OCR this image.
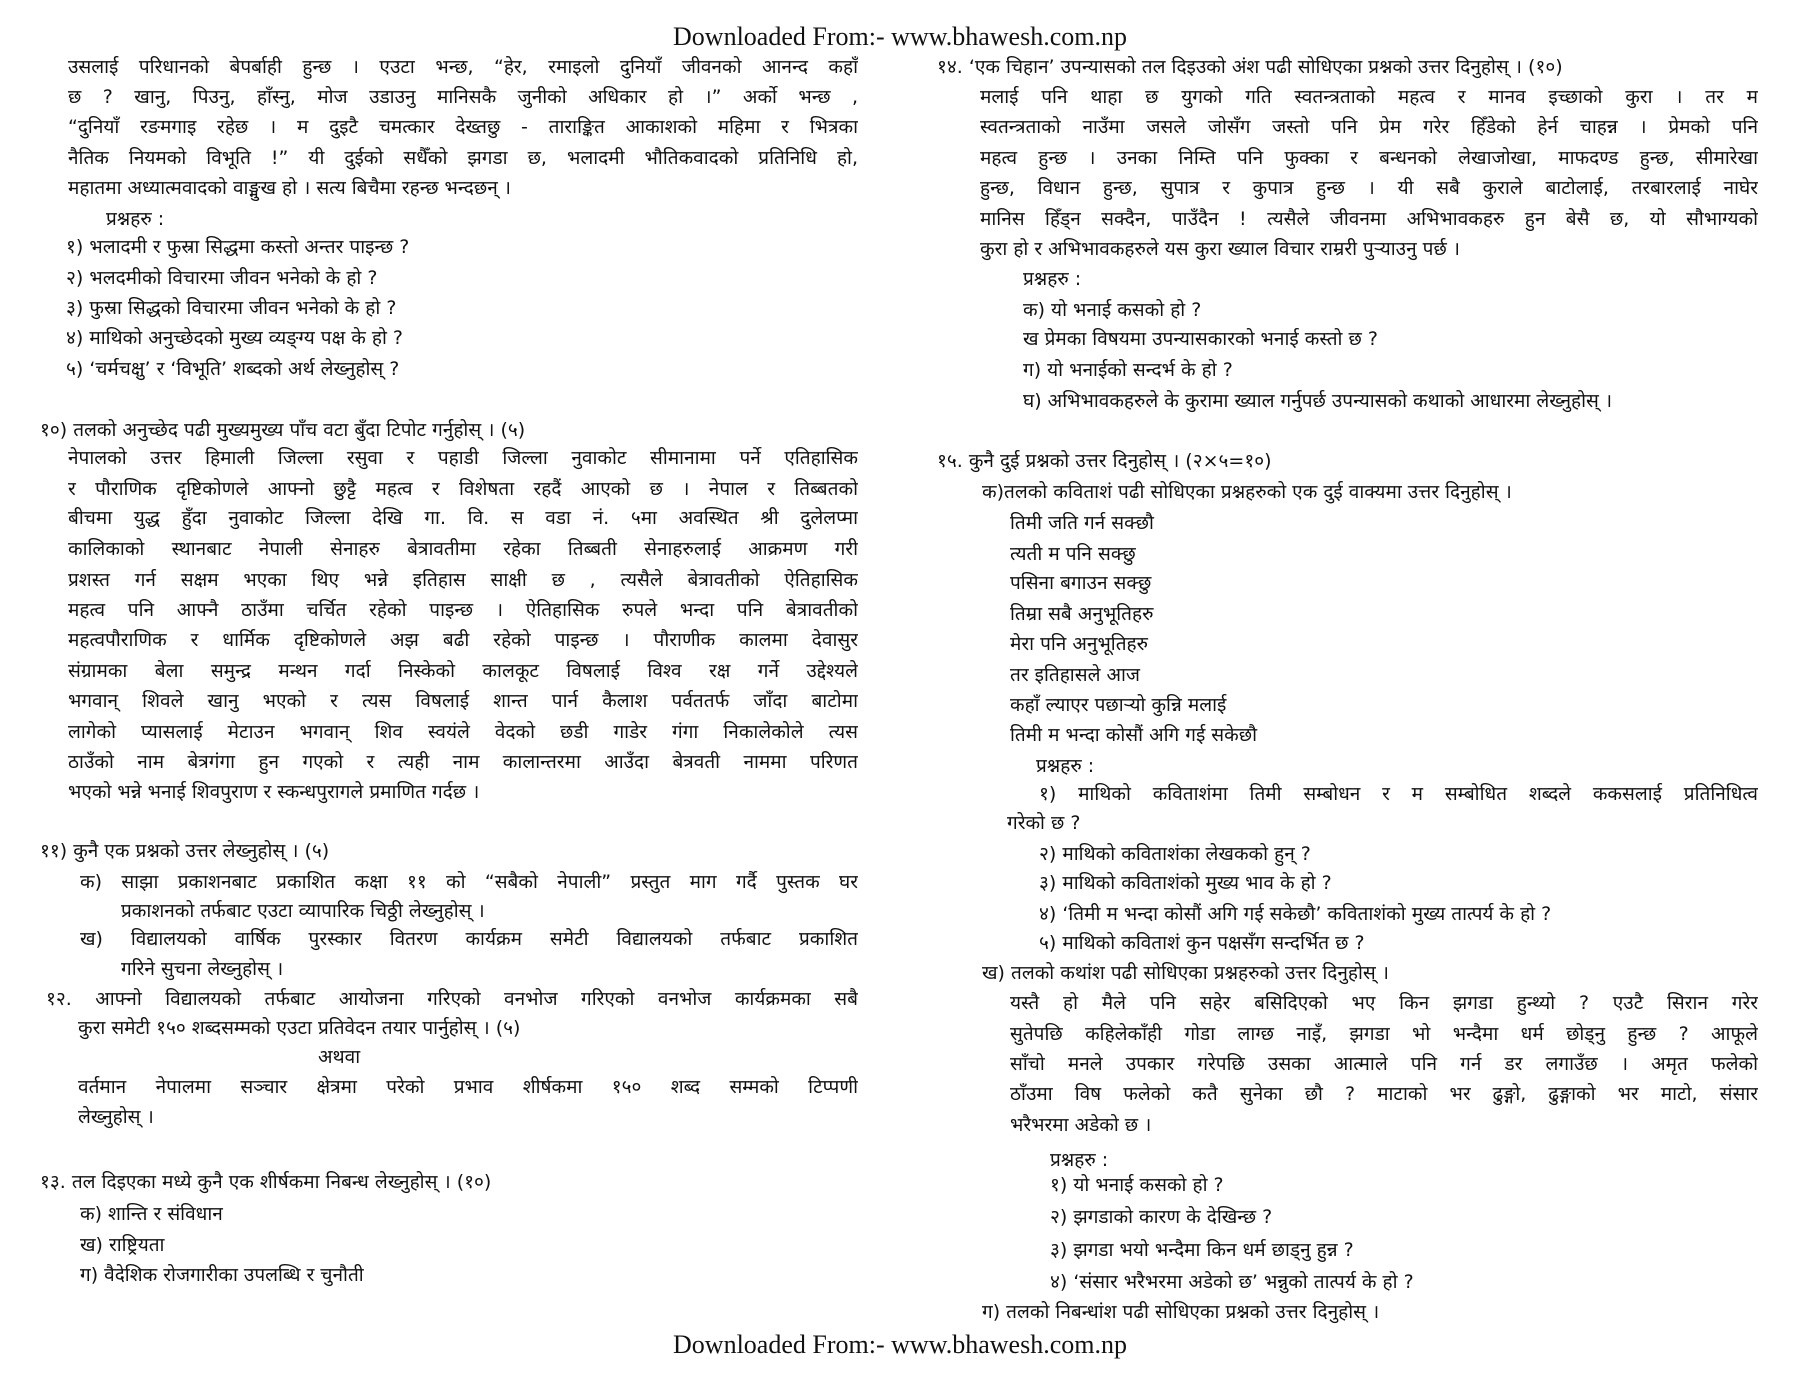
Downloaded From:- www.bhawesh.com.np
Downloaded From:- www.bhawesh.com.np
उसलाई परिधानको बेपर्बाही हुन्छ । एउटा भन्छ, “हेर, रमाइलो दुनियाँ जीवनको आनन्द कहाँ
छ ? खानु, पिउनु, हाँस्नु, मोज उडाउनु मानिसकै जुनीको अधिकार हो ।” अर्को भन्छ ,
“दुनियाँ रङमगाइ रहेछ । म दुइटै चमत्कार देख्तछु - ताराङ्कित आकाशको महिमा र भित्रका
नैतिक नियमको विभूति !” यी दुईको सधैँको झगडा छ, भलादमी भौतिकवादको प्रतिनिधि हो,
महातमा अध्यात्मवादको वाङ्मुख हो । सत्य बिचैमा रहन्छ भन्दछन् ।
प्रश्नहरु :
१) भलादमी र फुस्रा सिद्धमा कस्तो अन्तर पाइन्छ ?
२) भलदमीको विचारमा जीवन भनेको के हो ?
३) फुस्रा सिद्धको विचारमा जीवन भनेको के हो ?
४) माथिको अनुच्छेदको मुख्य व्यङ्ग्य पक्ष के हो ?
५) ‘चर्मचक्षु’ र ‘विभूति’ शब्दको अर्थ लेख्नुहोस् ?
१०) तलको अनुच्छेद पढी मुख्यमुख्य पाँच वटा बुँदा टिपोट गर्नुहोस् । (५)
नेपालको उत्तर हिमाली जिल्ला रसुवा र पहाडी जिल्ला नुवाकोट सीमानामा पर्ने एतिहासिक
र पौराणिक दृष्टिकोणले आफ्नो छुट्टै महत्व र विशेषता रहदैं आएको छ । नेपाल र तिब्बतको
बीचमा युद्ध हुँदा नुवाकोट जिल्ला देखि गा. वि. स वडा नं. ५मा अवस्थित श्री दुलेलप्मा
कालिकाको स्थानबाट नेपाली सेनाहरु बेत्रावतीमा रहेका तिब्बती सेनाहरुलाई आक्रमण गरी
प्रशस्त गर्न सक्षम भएका थिए भन्ने इतिहास साक्षी छ , त्यसैले बेत्रावतीको ऐतिहासिक
महत्व पनि आफ्नै ठाउँमा चर्चित रहेको पाइन्छ । ऐतिहासिक रुपले भन्दा पनि बेत्रावतीको
महत्वपौराणिक र धार्मिक दृष्टिकोणले अझ बढी रहेको पाइन्छ । पौराणीक कालमा देवासुर
संग्रामका बेला समुन्द्र मन्थन गर्दा निस्केको कालकूट विषलाई विश्व रक्ष गर्ने उद्देश्यले
भगवान् शिवले खानु भएको र त्यस विषलाई शान्त पार्न कैलाश पर्वततर्फ जाँदा बाटोमा
लागेको प्यासलाई मेटाउन भगवान् शिव स्वयंले वेदको छडी गाडेर गंगा निकालेकोले त्यस
ठाउँको नाम बेत्रगंगा हुन गएको र त्यही नाम कालान्तरमा आउँदा बेत्रवती नाममा परिणत
भएको भन्ने भनाई शिवपुराण र स्कन्धपुरागले प्रमाणित गर्दछ ।
११) कुनै एक प्रश्नको उत्तर लेख्नुहोस् । (५)
क) साझा प्रकाशनबाट प्रकाशित कक्षा ११ को “सबैको नेपाली” प्रस्तुत माग गर्दै पुस्तक घर
प्रकाशनको तर्फबाट एउटा व्यापारिक चिठ्ठी लेख्नुहोस् ।
ख) विद्यालयको वार्षिक पुरस्कार वितरण कार्यक्रम समेटी विद्यालयको तर्फबाट प्रकाशित
गरिने सुचना लेख्नुहोस् ।
१२. आफ्नो विद्यालयको तर्फबाट आयोजना गरिएको वनभोज गरिएको वनभोज कार्यक्रमका सबै
कुरा समेटी १५० शब्दसम्मको एउटा प्रतिवेदन तयार पार्नुहोस् । (५)
अथवा
वर्तमान नेपालमा सञ्चार क्षेत्रमा परेको प्रभाव शीर्षकमा १५० शब्द सम्मको टिप्पणी
लेख्नुहोस् ।
१३. तल दिइएका मध्ये कुनै एक शीर्षकमा निबन्ध लेख्नुहोस् । (१०)
क) शान्ति र संविधान
ख) राष्ट्रियता
ग) वैदेशिक रोजगारीका उपलब्धि र चुनौती
१४. ‘एक चिहान’ उपन्यासको तल दिइउको अंश पढी सोधिएका प्रश्नको उत्तर दिनुहोस् । (१०)
मलाई पनि थाहा छ युगको गति स्वतन्त्रताको महत्व र मानव इच्छाको कुरा । तर म
स्वतन्त्रताको नाउँमा जसले जोसँग जस्तो पनि प्रेम गरेर हिँडेको हेर्न चाहन्न । प्रेमको पनि
महत्व हुन्छ । उनका निम्ति पनि फुक्का र बन्धनको लेखाजोखा, माफदण्ड हुन्छ, सीमारेखा
हुन्छ, विधान हुन्छ, सुपात्र र कुपात्र हुन्छ । यी सबै कुराले बाटोलाई, तरबारलाई नाघेर
मानिस हिँड्न सक्दैन, पाउँदैन ! त्यसैले जीवनमा अभिभावकहरु हुन बेसै छ, यो सौभाग्यको
कुरा हो र अभिभावकहरुले यस कुरा ख्याल विचार राम्ररी पुऱ्याउनु पर्छ ।
प्रश्नहरु :
क) यो भनाई कसको हो ?
ख प्रेमका विषयमा उपन्यासकारको भनाई कस्तो छ ?
ग) यो भनाईको सन्दर्भ के हो ?
घ) अभिभावकहरुले के कुरामा ख्याल गर्नुपर्छ उपन्यासको कथाको आधारमा लेख्नुहोस् ।
१५. कुनै दुई प्रश्नको उत्तर दिनुहोस् । (२×५=१०)
क)तलको कविताशं पढी सोधिएका प्रश्नहरुको एक दुई वाक्यमा उत्तर दिनुहोस् ।
तिमी जति गर्न सक्छौ
त्यती म पनि सक्छु
पसिना बगाउन सक्छु
तिम्रा सबै अनुभूतिहरु
मेरा पनि अनुभूतिहरु
तर इतिहासले आज
कहाँ ल्याएर पछाऱ्यो कुन्नि मलाई
तिमी म भन्दा कोसौं अगि गई सकेछौ
प्रश्नहरु :
१) माथिको कविताशंमा तिमी सम्बोधन र म सम्बोधित शब्दले ककसलाई प्रतिनिधित्व
गरेको छ ?
२) माथिको कविताशंका लेखकको हुन् ?
३) माथिको कविताशंको मुख्य भाव के हो ?
४) ‘तिमी म भन्दा कोसौं अगि गई सकेछौ’ कविताशंको मुख्य तात्पर्य के हो ?
५) माथिको कविताशं कुन पक्षसँग सन्दर्भित छ ?
ख) तलको कथांश पढी सोधिएका प्रश्नहरुको उत्तर दिनुहोस् ।
यस्तै हो मैले पनि सहेर बसिदिएको भए किन झगडा हुन्थ्यो ? एउटै सिरान गरेर
सुतेपछि कहिलेकाँही गोडा लाग्छ नाइँ, झगडा भो भन्दैमा धर्म छोड्नु हुन्छ ? आफूले
साँचो मनले उपकार गरेपछि उसका आत्माले पनि गर्न डर लगाउँछ । अमृत फलेको
ठाँउमा विष फलेको कतै सुनेका छौ ? माटाको भर ढुङ्गो, ढुङ्गाको भर माटो, संसार
भरैभरमा अडेको छ ।
प्रश्नहरु :
१) यो भनाई कसको हो ?
२) झगडाको कारण के देखिन्छ ?
३) झगडा भयो भन्दैमा किन धर्म छाड्नु हुन्न ?
४) ‘संसार भरैभरमा अडेको छ’ भन्नुको तात्पर्य के हो ?
ग) तलको निबन्धांश पढी सोधिएका प्रश्नको उत्तर दिनुहोस् ।
